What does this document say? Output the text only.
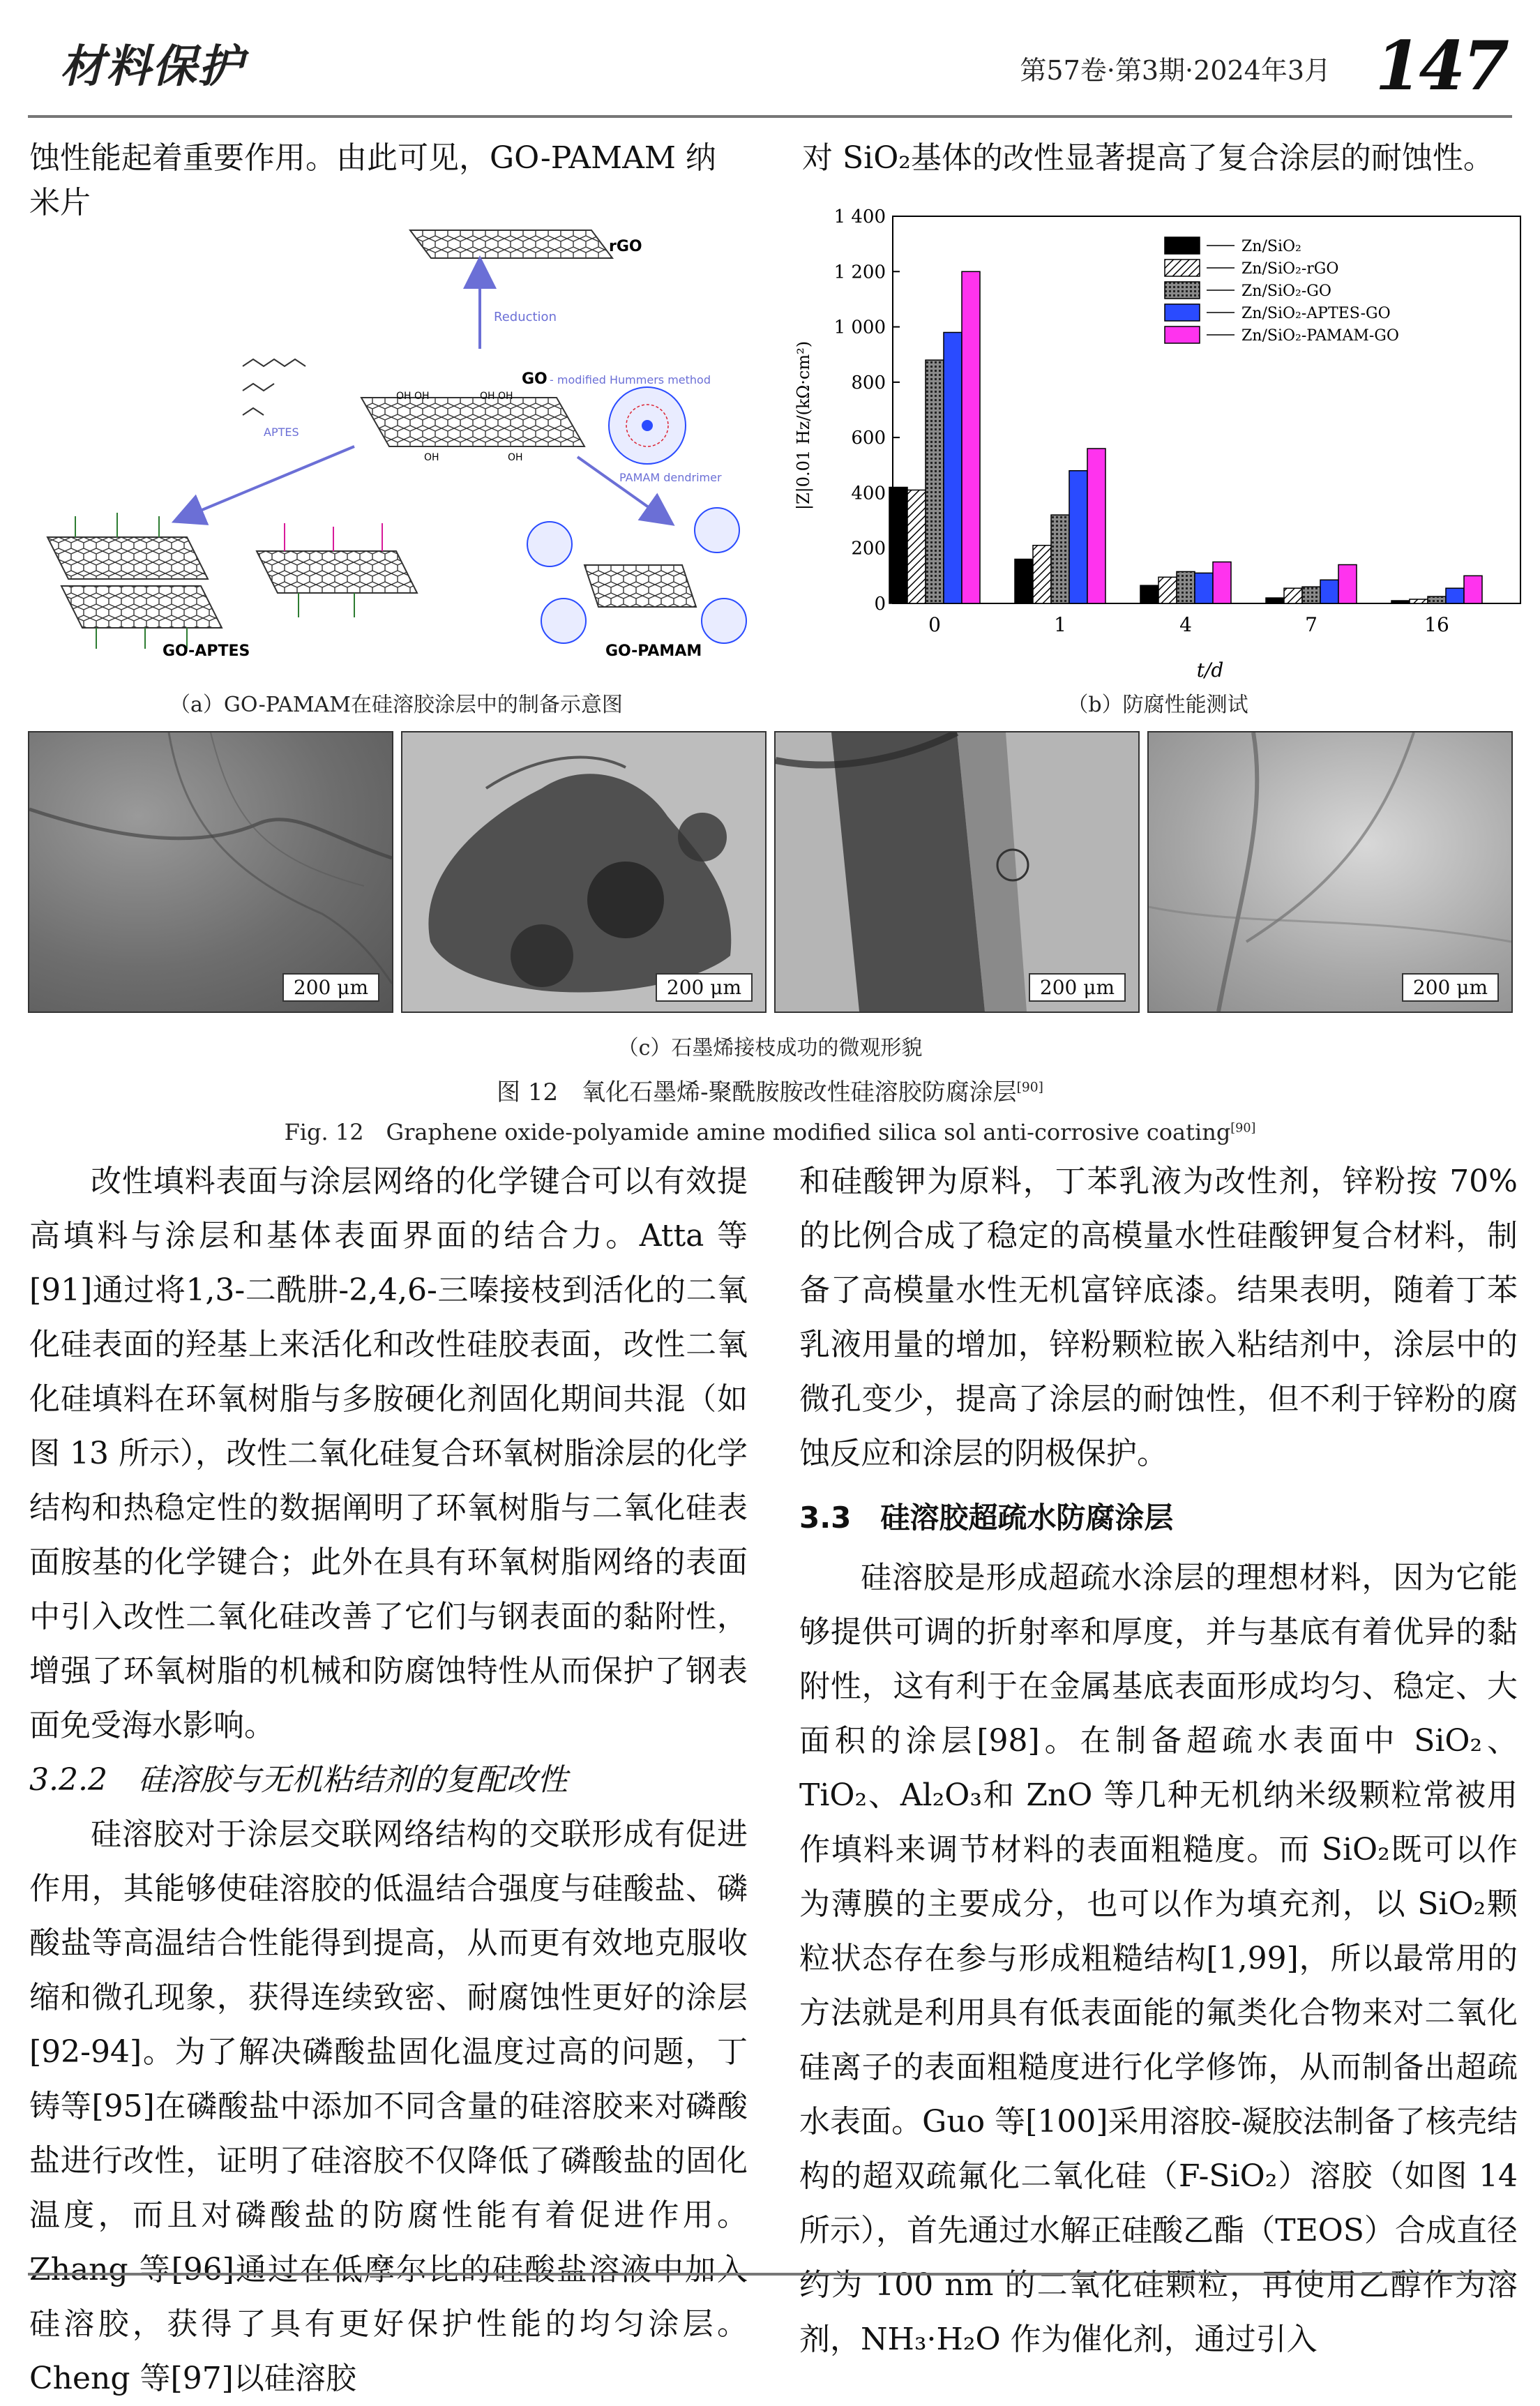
材料保护	第57卷·第3期·2024年3月 147
蚀性能起着重要作用。由此可见，GO-PAMAM 纳米片
对 SiO₂基体的改性显著提高了复合涂层的耐蚀性。
rGO
Reduction
GO - modified Hummers method
OH OH	OH OH
OH	OH
APTES
PAMAM dendrimer
GO-APTES	GO-PAMAM
0
200
400
600
800
1 000
1 200
1 400
0	1	4	7	16
Zn/SiO₂
Zn/SiO₂-rGO
Zn/SiO₂-GO
Zn/SiO₂-APTES-GO
Zn/SiO₂-PAMAM-GO
|Z|0.01 Hz/(kΩ·cm²)
t/d
（a）GO-PAMAM在硅溶胶涂层中的制备示意图	（b）防腐性能测试
200 μm	200 μm	200 μm	200 μm
（c）石墨烯接枝成功的微观形貌
图 12　氧化石墨烯-聚酰胺胺改性硅溶胶防腐涂层[90]
Fig. 12　Graphene oxide-polyamide amine modified silica sol anti-corrosive coating[90]

改性填料表面与涂层网络的化学键合可以有效提高填料与涂层和基体表面界面的结合力。Atta 等[91]通过将1,3-二酰肼-2,4,6-三嗪接枝到活化的二氧化硅表面的羟基上来活化和改性硅胶表面，改性二氧化硅填料在环氧树脂与多胺硬化剂固化期间共混（如图 13 所示），改性二氧化硅复合环氧树脂涂层的化学结构和热稳定性的数据阐明了环氧树脂与二氧化硅表面胺基的化学键合；此外在具有环氧树脂网络的表面中引入改性二氧化硅改善了它们与钢表面的黏附性，增强了环氧树脂的机械和防腐蚀特性从而保护了钢表面免受海水影响。

3.2.2　硅溶胶与无机粘结剂的复配改性

硅溶胶对于涂层交联网络结构的交联形成有促进作用，其能够使硅溶胶的低温结合强度与硅酸盐、磷酸盐等高温结合性能得到提高，从而更有效地克服收缩和微孔现象，获得连续致密、耐腐蚀性更好的涂层[92-94]。为了解决磷酸盐固化温度过高的问题，丁铸等[95]在磷酸盐中添加不同含量的硅溶胶来对磷酸盐进行改性，证明了硅溶胶不仅降低了磷酸盐的固化温度，而且对磷酸盐的防腐性能有着促进作用。Zhang 等[96]通过在低摩尔比的硅酸盐溶液中加入硅溶胶，获得了具有更好保护性能的均匀涂层。Cheng 等[97]以硅溶胶

和硅酸钾为原料，丁苯乳液为改性剂，锌粉按 70%的比例合成了稳定的高模量水性硅酸钾复合材料，制备了高模量水性无机富锌底漆。结果表明，随着丁苯乳液用量的增加，锌粉颗粒嵌入粘结剂中，涂层中的微孔变少，提高了涂层的耐蚀性，但不利于锌粉的腐蚀反应和涂层的阴极保护。

3.3　硅溶胶超疏水防腐涂层

硅溶胶是形成超疏水涂层的理想材料，因为它能够提供可调的折射率和厚度，并与基底有着优异的黏附性，这有利于在金属基底表面形成均匀、稳定、大面积的涂层[98]。在制备超疏水表面中 SiO₂、TiO₂、Al₂O₃和 ZnO 等几种无机纳米级颗粒常被用作填料来调节材料的表面粗糙度。而 SiO₂既可以作为薄膜的主要成分，也可以作为填充剂，以 SiO₂颗粒状态存在参与形成粗糙结构[1,99]，所以最常用的方法就是利用具有低表面能的氟类化合物来对二氧化硅离子的表面粗糙度进行化学修饰，从而制备出超疏水表面。Guo 等[100]采用溶胶-凝胶法制备了核壳结构的超双疏氟化二氧化硅（F-SiO₂）溶胶（如图 14 所示），首先通过水解正硅酸乙酯（TEOS）合成直径约为 100 nm 的二氧化硅颗粒，再使用乙醇作为溶剂，NH₃·H₂O 作为催化剂，通过引入
